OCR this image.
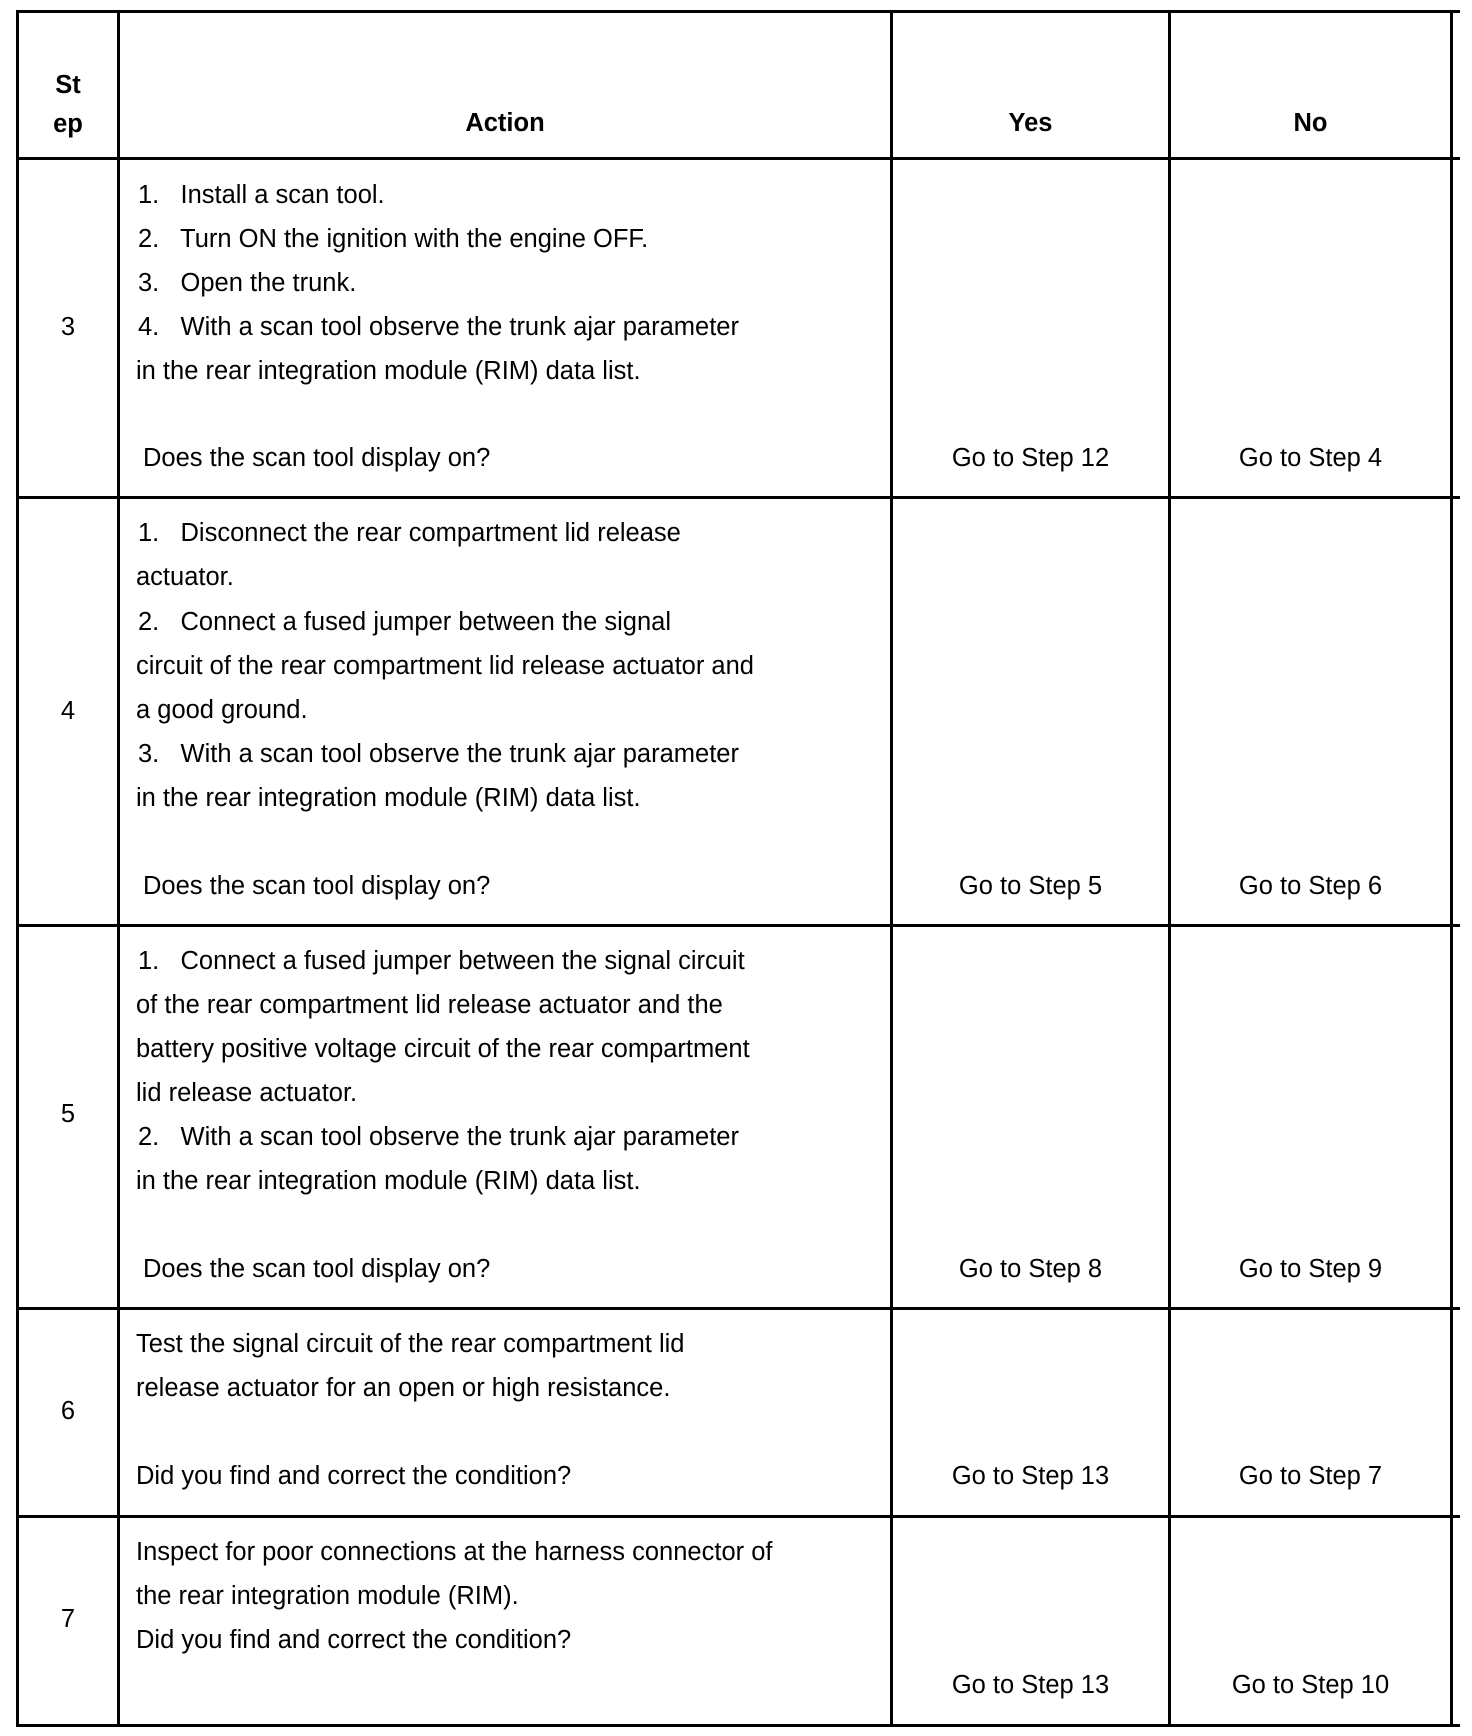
St
ep	Action	Yes	No
3
1.   Install a scan tool.
2.   Turn ON the ignition with the engine OFF.
3.   Open the trunk.
4.   With a scan tool observe the trunk ajar parameter
in the rear integration module (RIM) data list.
Does the scan tool display on?	Go to Step 12	Go to Step 4
4
1.   Disconnect the rear compartment lid release
actuator.
2.   Connect a fused jumper between the signal
circuit of the rear compartment lid release actuator and
a good ground.
3.   With a scan tool observe the trunk ajar parameter
in the rear integration module (RIM) data list.
Does the scan tool display on?	Go to Step 5	Go to Step 6
5
1.   Connect a fused jumper between the signal circuit
of the rear compartment lid release actuator and the
battery positive voltage circuit of the rear compartment
lid release actuator.
2.   With a scan tool observe the trunk ajar parameter
in the rear integration module (RIM) data list.
Does the scan tool display on?	Go to Step 8	Go to Step 9
6
Test the signal circuit of the rear compartment lid
release actuator for an open or high resistance.
Did you find and correct the condition?	Go to Step 13	Go to Step 7
7
Inspect for poor connections at the harness connector of
the rear integration module (RIM).
Did you find and correct the condition?
Go to Step 13	Go to Step 10
